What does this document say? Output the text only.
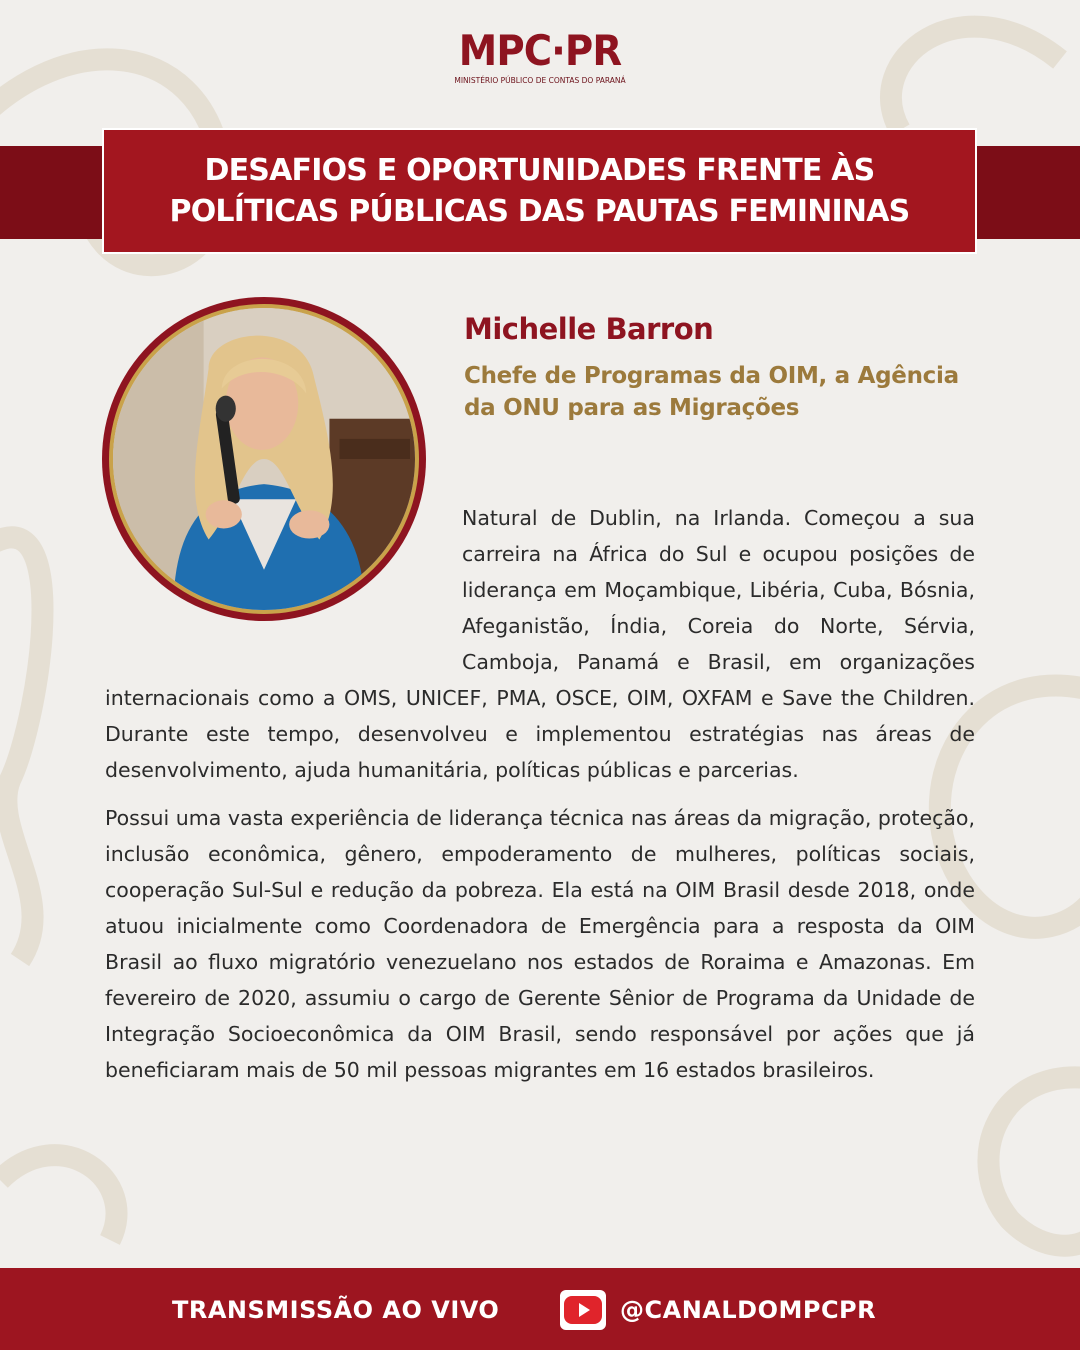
MPC·PR
MINISTÉRIO PÚBLICO DE CONTAS DO PARANÁ
DESAFIOS E OPORTUNIDADES FRENTE ÀS
POLÍTICAS PÚBLICAS DAS PAUTAS FEMININAS
Michelle Barron
Chefe de Programas da OIM, a Agência da ONU para as Migrações

Natural de Dublin, na Irlanda. Começou a sua carreira na África do Sul e ocupou posições de liderança em Moçambique, Libéria, Cuba, Bósnia, Afeganistão, Índia, Coreia do Norte, Sérvia, Camboja, Panamá e Brasil, em organizações internacionais como a OMS, UNICEF, PMA, OSCE, OIM, OXFAM e Save the Children. Durante este tempo, desenvolveu e implementou estratégias nas áreas de desenvolvimento, ajuda humanitária, políticas públicas e parcerias.

Possui uma vasta experiência de liderança técnica nas áreas da migração, proteção, inclusão econômica, gênero, empoderamento de mulheres, políticas sociais, cooperação Sul-Sul e redução da pobreza. Ela está na OIM Brasil desde 2018, onde atuou inicialmente como Coordenadora de Emergência para a resposta da OIM Brasil ao fluxo migratório venezuelano nos estados de Roraima e Amazonas. Em fevereiro de 2020, assumiu o cargo de Gerente Sênior de Programa da Unidade de Integração Socioeconômica da OIM Brasil, sendo responsável por ações que já beneficiaram mais de 50 mil pessoas migrantes em 16 estados brasileiros.

TRANSMISSÃO AO VIVO	@CANALDOMPCPR
